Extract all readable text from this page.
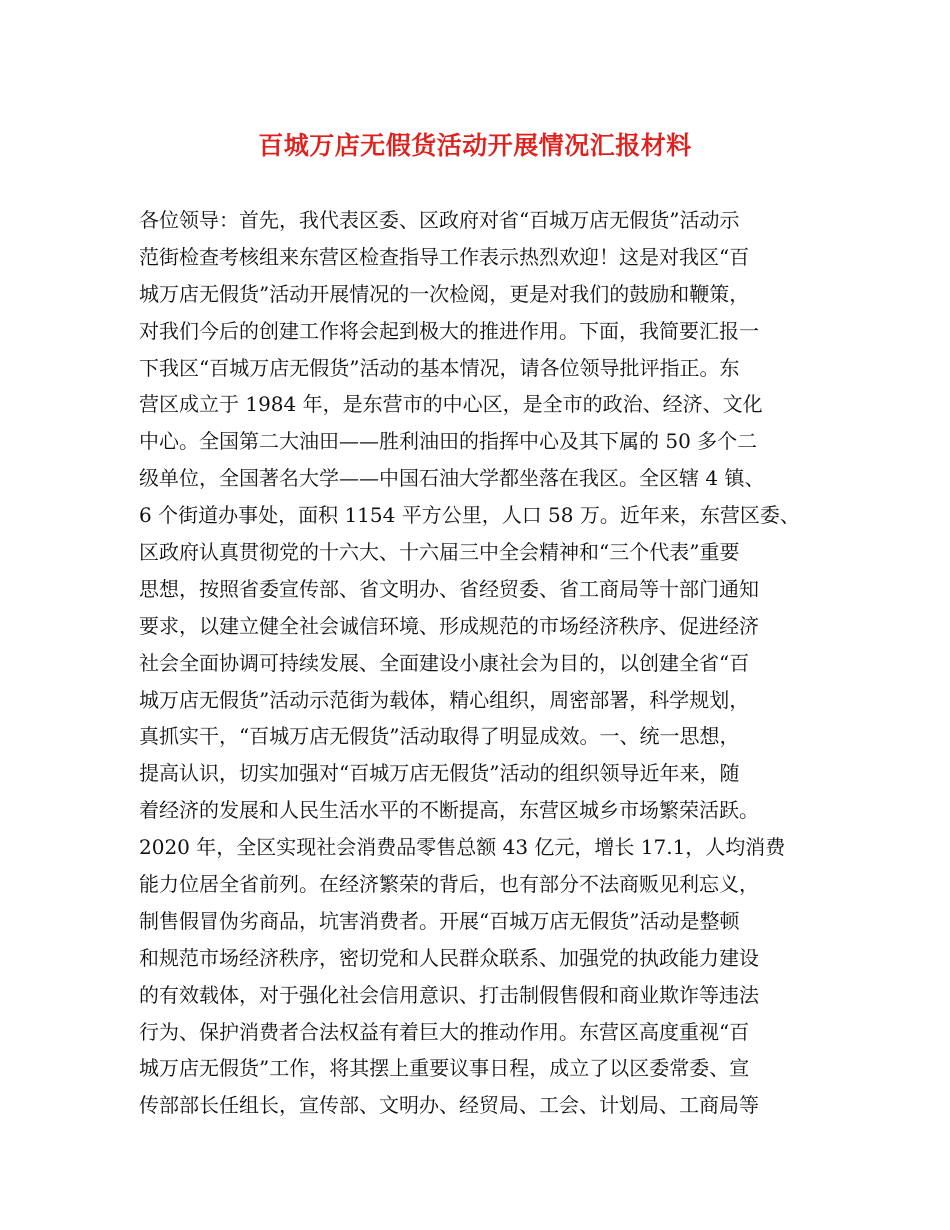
百城万店无假货活动开展情况汇报材料
各位领导：首先，我代表区委、区政府对省“百城万店无假货”活动示
范街检查考核组来东营区检查指导工作表示热烈欢迎！这是对我区“百
城万店无假货”活动开展情况的一次检阅，更是对我们的鼓励和鞭策，
对我们今后的创建工作将会起到极大的推进作用。下面，我简要汇报一
下我区“百城万店无假货”活动的基本情况，请各位领导批评指正。东
营区成立于 1984 年，是东营市的中心区，是全市的政治、经济、文化
中心。全国第二大油田——胜利油田的指挥中心及其下属的 50 多个二
级单位，全国著名大学——中国石油大学都坐落在我区。全区辖 4 镇、
6 个街道办事处，面积 1154 平方公里，人口 58 万。近年来，东营区委、
区政府认真贯彻党的十六大、十六届三中全会精神和“三个代表”重要
思想，按照省委宣传部、省文明办、省经贸委、省工商局等十部门通知
要求，以建立健全社会诚信环境、形成规范的市场经济秩序、促进经济
社会全面协调可持续发展、全面建设小康社会为目的，以创建全省“百
城万店无假货”活动示范街为载体，精心组织，周密部署，科学规划，
真抓实干，“百城万店无假货”活动取得了明显成效。一、统一思想，
提高认识，切实加强对“百城万店无假货”活动的组织领导近年来，随
着经济的发展和人民生活水平的不断提高，东营区城乡市场繁荣活跃。
2020 年，全区实现社会消费品零售总额 43 亿元，增长 17.1，人均消费
能力位居全省前列。在经济繁荣的背后，也有部分不法商贩见利忘义，
制售假冒伪劣商品，坑害消费者。开展“百城万店无假货”活动是整顿
和规范市场经济秩序，密切党和人民群众联系、加强党的执政能力建设
的有效载体，对于强化社会信用意识、打击制假售假和商业欺诈等违法
行为、保护消费者合法权益有着巨大的推动作用。东营区高度重视“百
城万店无假货”工作，将其摆上重要议事日程，成立了以区委常委、宣
传部部长任组长，宣传部、文明办、经贸局、工会、计划局、工商局等
